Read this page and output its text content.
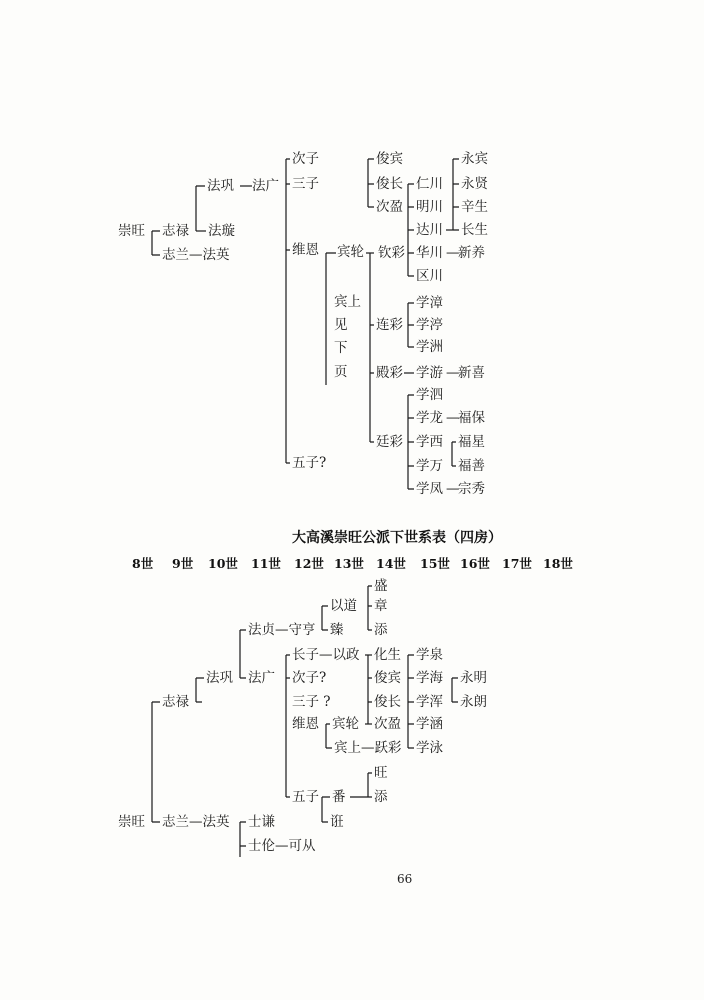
崇旺 志禄
志兰—法英
法巩 法广
法璇
次子
三子
维恩 宾轮
宾上
见
下
页
五子?
俊宾
俊长
次盈
钦彩
连彩
殿彩
廷彩
仁川
明川
达川
华川
区川
永宾
永贤
辛生
长生
新养
—
学漳
学渟
学洲
学游 —
新喜
学泗
学龙 —
福保
学西 福星
学万 福善
学凤 —
宗秀
大高溪崇旺公派下世系表（四房）
8世 9世 10世 11世 12世 13世 14世 15世 16世 17世 18世
盛
以道 章
法贞—守亨 臻 添
长子—以政 化生 学泉
法巩 法广 次子?	俊宾 学海 永明
志禄	三子 ?	俊长 学浑 永朗
维恩 宾轮 次盈 学涵
宾上—跃彩 学泳
旺
五子 番 添
诳
崇旺 志兰—法英 士谦
士伦—可从
66
